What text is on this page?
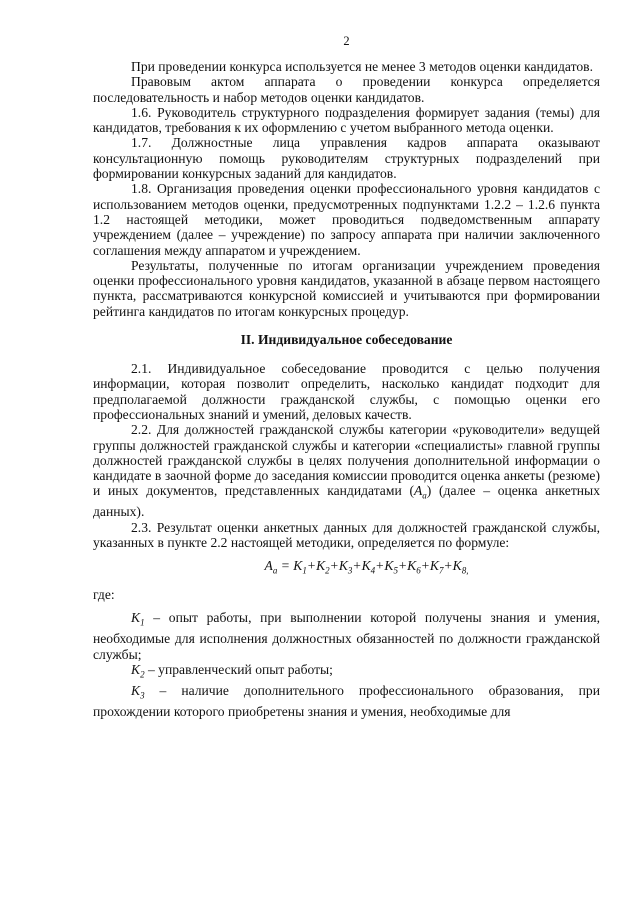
2

При проведении конкурса используется не менее 3 методов оценки кандидатов.

Правовым актом аппарата о проведении конкурса определяется последовательность и набор методов оценки кандидатов.

1.6. Руководитель структурного подразделения формирует задания (темы) для кандидатов, требования к их оформлению с учетом выбранного метода оценки.

1.7. Должностные лица управления кадров аппарата оказывают консультационную помощь руководителям структурных подразделений при формировании конкурсных заданий для кандидатов.

1.8. Организация проведения оценки профессионального уровня кандидатов с использованием методов оценки, предусмотренных подпунктами 1.2.2 – 1.2.6 пункта 1.2 настоящей методики, может проводиться подведомственным аппарату учреждением (далее – учреждение) по запросу аппарата при наличии заключенного соглашения между аппаратом и учреждением.

Результаты, полученные по итогам организации учреждением проведения оценки профессионального уровня кандидатов, указанной в абзаце первом настоящего пункта, рассматриваются конкурсной комиссией и учитываются при формировании рейтинга кандидатов по итогам конкурсных процедур.

II. Индивидуальное собеседование

2.1. Индивидуальное собеседование проводится с целью получения информации, которая позволит определить, насколько кандидат подходит для предполагаемой должности гражданской службы, с помощью оценки его профессиональных знаний и умений, деловых качеств.

2.2. Для должностей гражданской службы категории «руководители» ведущей группы должностей гражданской службы и категории «специалисты» главной группы должностей гражданской службы в целях получения дополнительной информации о кандидате в заочной форме до заседания комиссии проводится оценка анкеты (резюме) и иных документов, представленных кандидатами $(A_a)$ (далее – оценка анкетных данных).

2.3. Результат оценки анкетных данных для должностей гражданской службы, указанных в пункте 2.2 настоящей методики, определяется по формуле:

$A_a = K_1+K_2+K_3+K_4+K_5+K_6+K_7+K_{8,}$

где:

$K_1$ – опыт работы, при выполнении которой получены знания и умения, необходимые для исполнения должностных обязанностей по должности гражданской службы;

$K_2$ – управленческий опыт работы;

$K_3$ – наличие дополнительного профессионального образования, при прохождении которого приобретены знания и умения, необходимые для
